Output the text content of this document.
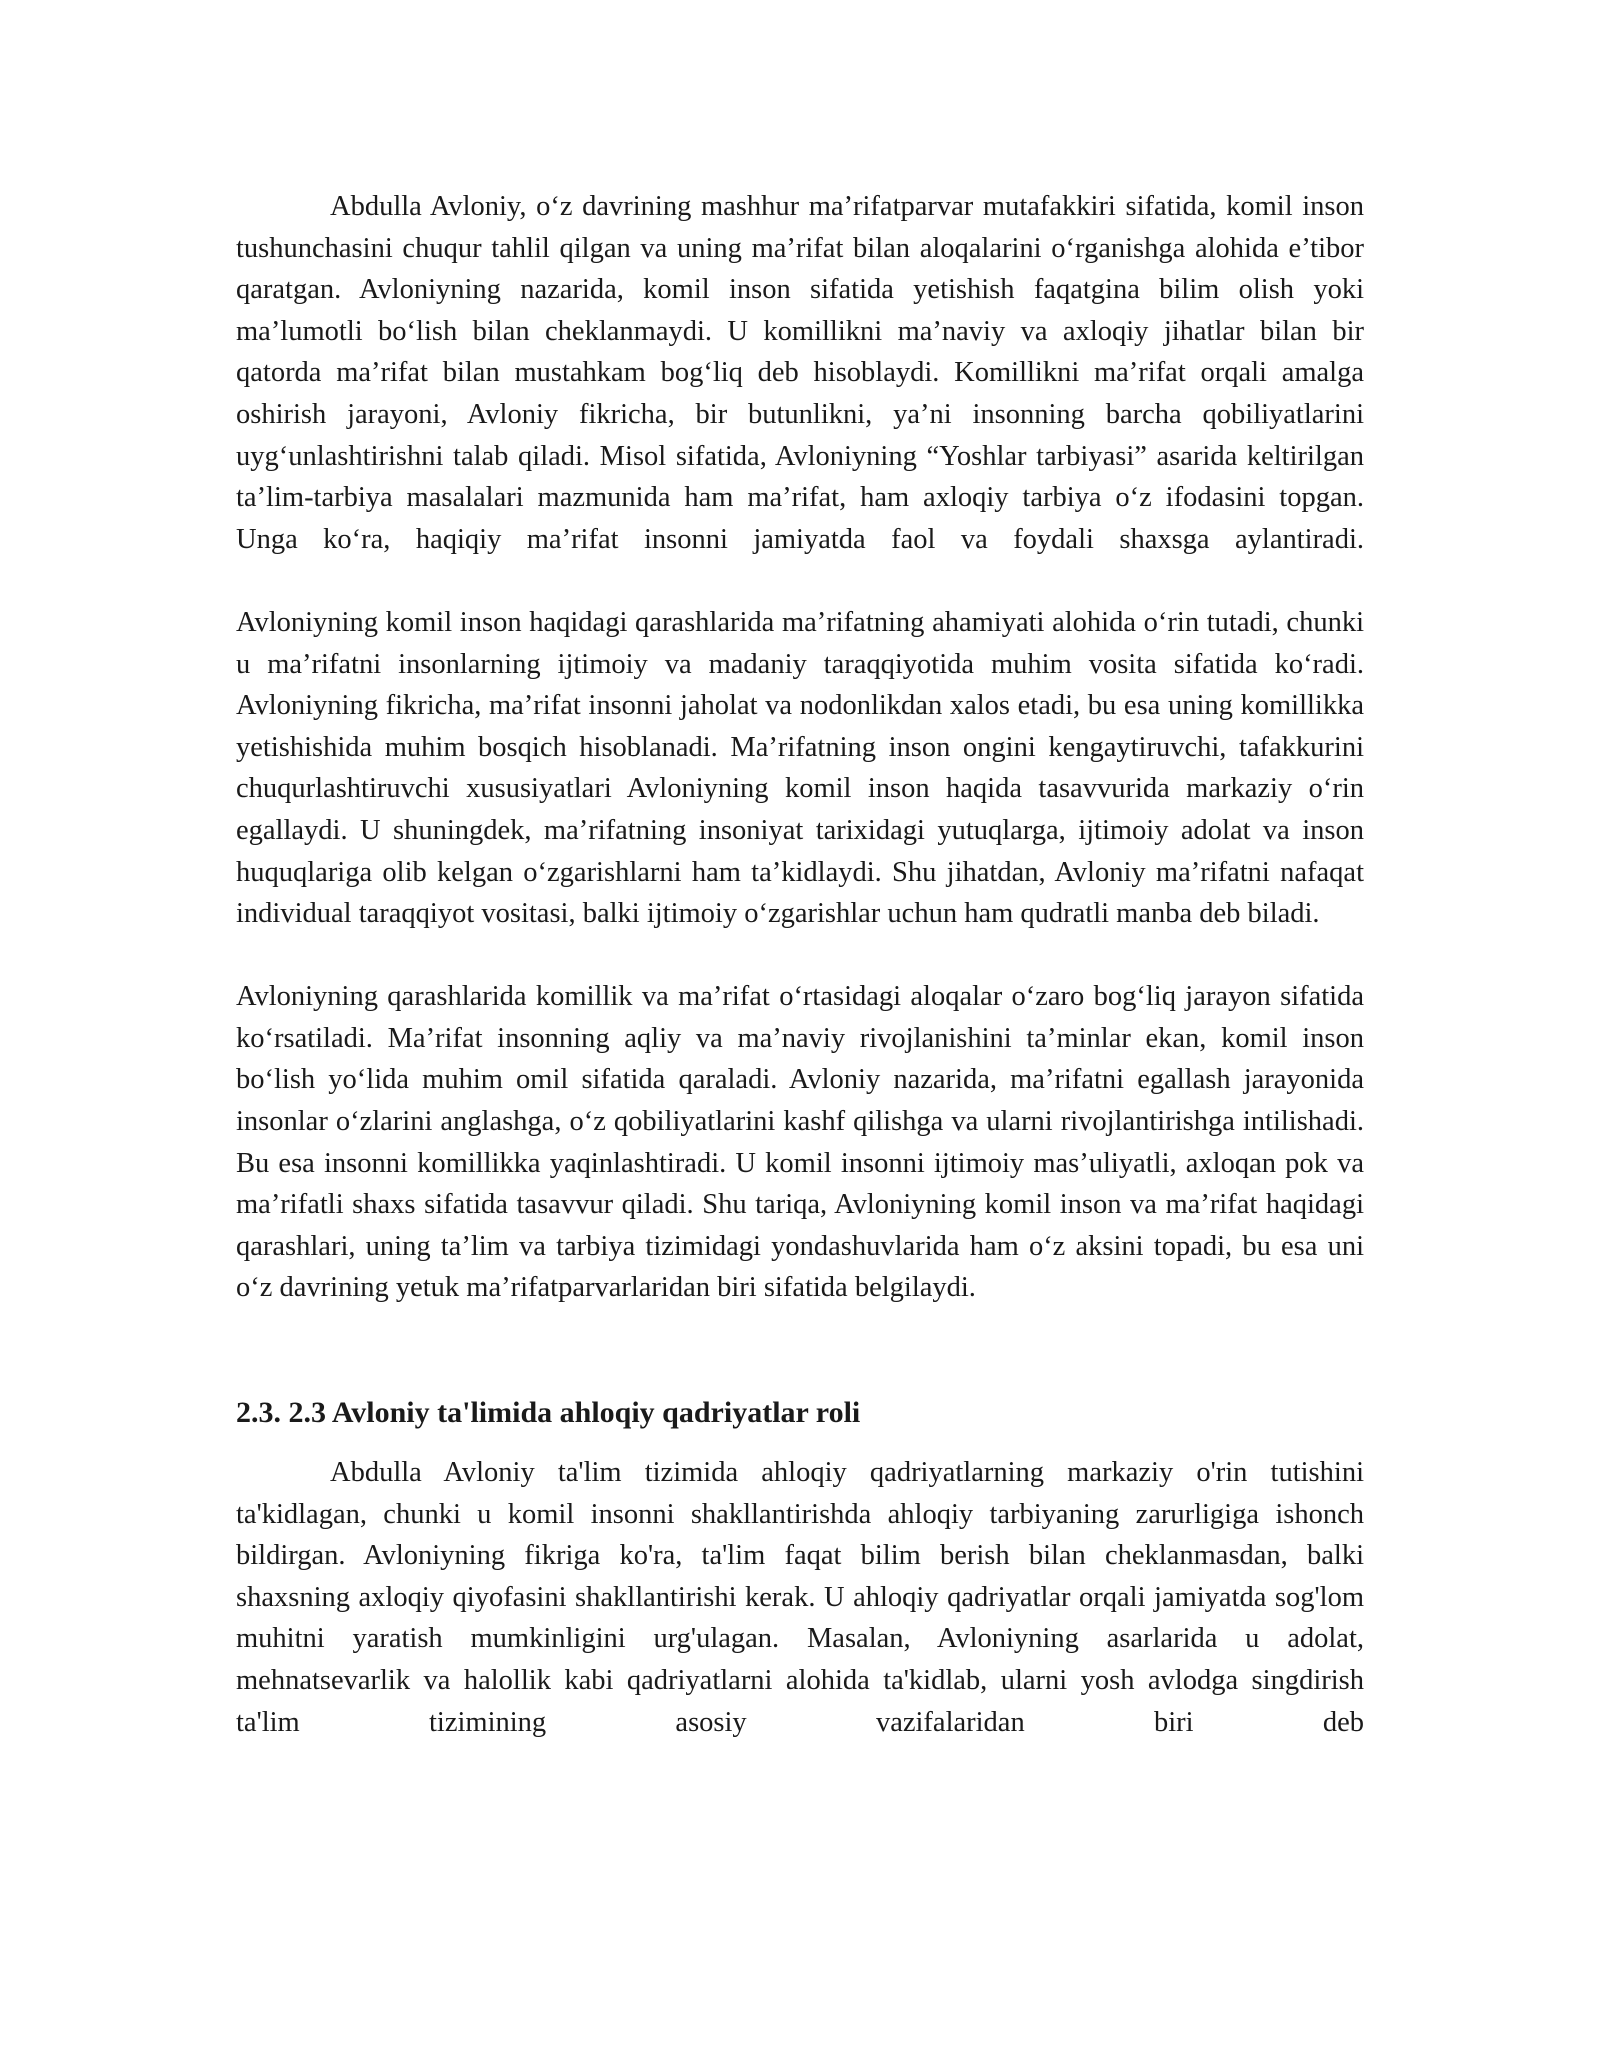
Abdulla Avloniy, o‘z davrining mashhur ma’rifatparvar mutafakkiri sifatida, komil inson tushunchasini chuqur tahlil qilgan va uning ma’rifat bilan aloqalarini o‘rganishga alohida e’tibor qaratgan. Avloniyning nazarida, komil inson sifatida yetishish faqatgina bilim olish yoki ma’lumotli bo‘lish bilan cheklanmaydi. U komillikni ma’naviy va axloqiy jihatlar bilan bir qatorda ma’rifat bilan mustahkam bog‘liq deb hisoblaydi. Komillikni ma’rifat orqali amalga oshirish jarayoni, Avloniy fikricha, bir butunlikni, ya’ni insonning barcha qobiliyatlarini uyg‘unlashtirishni talab qiladi. Misol sifatida, Avloniyning “Yoshlar tarbiyasi” asarida keltirilgan ta’lim-tarbiya masalalari mazmunida ham ma’rifat, ham axloqiy tarbiya o‘z ifodasini topgan. Unga ko‘ra, haqiqiy ma’rifat insonni jamiyatda faol va foydali shaxsga aylantiradi.

Avloniyning komil inson haqidagi qarashlarida ma’rifatning ahamiyati alohida o‘rin tutadi, chunki u ma’rifatni insonlarning ijtimoiy va madaniy taraqqiyotida muhim vosita sifatida ko‘radi. Avloniyning fikricha, ma’rifat insonni jaholat va nodonlikdan xalos etadi, bu esa uning komillikka yetishishida muhim bosqich hisoblanadi. Ma’rifatning inson ongini kengaytiruvchi, tafakkurini chuqurlashtiruvchi xususiyatlari Avloniyning komil inson haqida tasavvurida markaziy o‘rin egallaydi. U shuningdek, ma’rifatning insoniyat tarixidagi yutuqlarga, ijtimoiy adolat va inson huquqlariga olib kelgan o‘zgarishlarni ham ta’kidlaydi. Shu jihatdan, Avloniy ma’rifatni nafaqat individual taraqqiyot vositasi, balki ijtimoiy o‘zgarishlar uchun ham qudratli manba deb biladi.

Avloniyning qarashlarida komillik va ma’rifat o‘rtasidagi aloqalar o‘zaro bog‘liq jarayon sifatida ko‘rsatiladi. Ma’rifat insonning aqliy va ma’naviy rivojlanishini ta’minlar ekan, komil inson bo‘lish yo‘lida muhim omil sifatida qaraladi. Avloniy nazarida, ma’rifatni egallash jarayonida insonlar o‘zlarini anglashga, o‘z qobiliyatlarini kashf qilishga va ularni rivojlantirishga intilishadi. Bu esa insonni komillikka yaqinlashtiradi. U komil insonni ijtimoiy mas’uliyatli, axloqan pok va ma’rifatli shaxs sifatida tasavvur qiladi. Shu tariqa, Avloniyning komil inson va ma’rifat haqidagi qarashlari, uning ta’lim va tarbiya tizimidagi yondashuvlarida ham o‘z aksini topadi, bu esa uni o‘z davrining yetuk ma’rifatparvarlaridan biri sifatida belgilaydi.

2.3. 2.3 Avloniy ta'limida ahloqiy qadriyatlar roli

Abdulla Avloniy ta'lim tizimida ahloqiy qadriyatlarning markaziy o'rin tutishini ta'kidlagan, chunki u komil insonni shakllantirishda ahloqiy tarbiyaning zarurligiga ishonch bildirgan. Avloniyning fikriga ko'ra, ta'lim faqat bilim berish bilan cheklanmasdan, balki shaxsning axloqiy qiyofasini shakllantirishi kerak. U ahloqiy qadriyatlar orqali jamiyatda sog'lom muhitni yaratish mumkinligini urg'ulagan. Masalan, Avloniyning asarlarida u adolat, mehnatsevarlik va halollik kabi qadriyatlarni alohida ta'kidlab, ularni yosh avlodga singdirish ta'lim tizimining asosiy vazifalaridan biri deb
